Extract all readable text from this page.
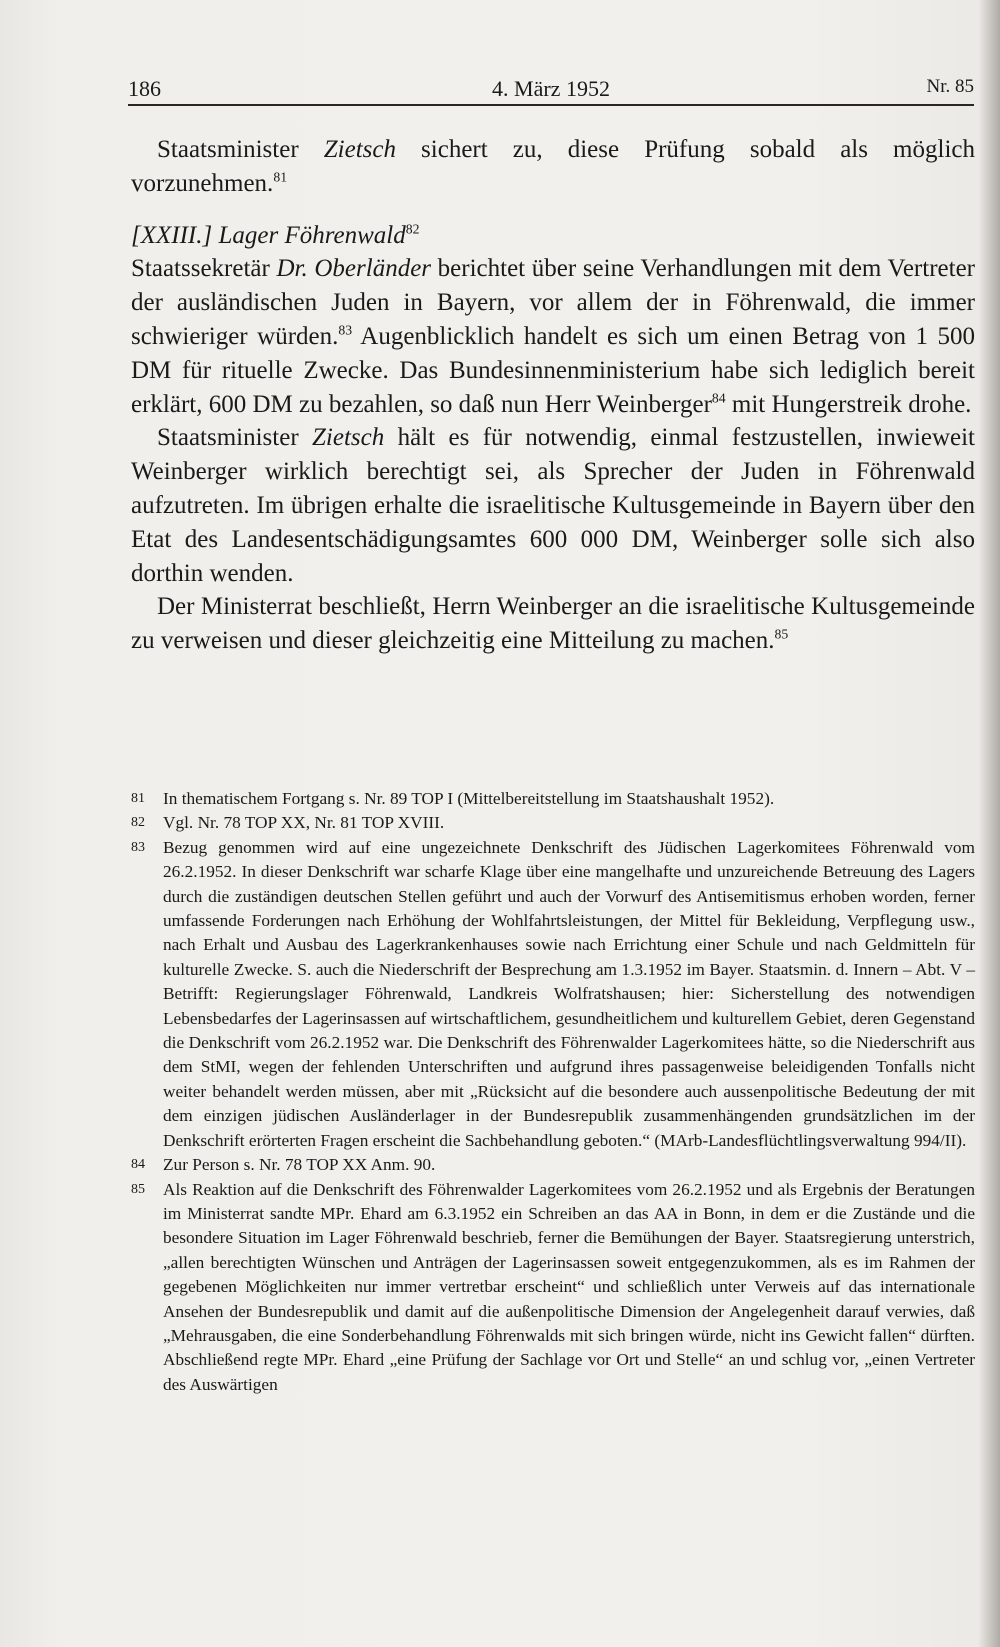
186	4. März 1952	Nr. 85

Staatsminister Zietsch sichert zu, diese Prüfung sobald als möglich vorzunehmen.$^{81}$

[XXIII.] Lager Föhrenwald$^{82}$

Staatssekretär Dr. Oberländer berichtet über seine Verhandlungen mit dem Vertreter der ausländischen Juden in Bayern, vor allem der in Föhrenwald, die immer schwieriger würden.$^{83}$ Augenblicklich handelt es sich um einen Betrag von 1 500 DM für rituelle Zwecke. Das Bundesinnenministerium habe sich lediglich bereit erklärt, 600 DM zu bezahlen, so daß nun Herr Weinberger$^{84}$ mit Hungerstreik drohe.

Staatsminister Zietsch hält es für notwendig, einmal festzustellen, inwieweit Weinberger wirklich berechtigt sei, als Sprecher der Juden in Föhrenwald aufzutreten. Im übrigen erhalte die israelitische Kultusgemeinde in Bayern über den Etat des Landesentschädigungsamtes 600 000 DM, Weinberger solle sich also dorthin wenden.

Der Ministerrat beschließt, Herrn Weinberger an die israelitische Kultusgemeinde zu verweisen und dieser gleichzeitig eine Mitteilung zu machen.$^{85}$

81 In thematischem Fortgang s. Nr. 89 TOP I (Mittelbereitstellung im Staatshaushalt 1952).
82 Vgl. Nr. 78 TOP XX, Nr. 81 TOP XVIII.
83 Bezug genommen wird auf eine ungezeichnete Denkschrift des Jüdischen Lagerkomitees Föhrenwald vom 26.2.1952. In dieser Denkschrift war scharfe Klage über eine mangelhafte und unzureichende Betreuung des Lagers durch die zuständigen deutschen Stellen geführt und auch der Vorwurf des Antisemitismus erhoben worden, ferner umfassende Forderungen nach Erhöhung der Wohlfahrtsleistungen, der Mittel für Bekleidung, Verpflegung usw., nach Erhalt und Ausbau des Lagerkrankenhauses sowie nach Errichtung einer Schule und nach Geldmitteln für kulturelle Zwecke. S. auch die Niederschrift der Besprechung am 1.3.1952 im Bayer. Staatsmin. d. Innern – Abt. V – Betrifft: Regierungslager Föhrenwald, Landkreis Wolfratshausen; hier: Sicherstellung des notwendigen Lebensbedarfes der Lagerinsassen auf wirtschaftlichem, gesundheitlichem und kulturellem Gebiet, deren Gegenstand die Denkschrift vom 26.2.1952 war. Die Denkschrift des Föhrenwalder Lagerkomitees hätte, so die Niederschrift aus dem StMI, wegen der fehlenden Unterschriften und aufgrund ihres passagenweise beleidigenden Tonfalls nicht weiter behandelt werden müssen, aber mit „Rücksicht auf die besondere auch aussenpolitische Bedeutung der mit dem einzigen jüdischen Ausländerlager in der Bundesrepublik zusammenhängenden grundsätzlichen im der Denkschrift erörterten Fragen erscheint die Sachbehandlung geboten.“ (MArb-Landesflüchtlingsverwaltung 994/II).
84 Zur Person s. Nr. 78 TOP XX Anm. 90.
85 Als Reaktion auf die Denkschrift des Föhrenwalder Lagerkomitees vom 26.2.1952 und als Ergebnis der Beratungen im Ministerrat sandte MPr. Ehard am 6.3.1952 ein Schreiben an das AA in Bonn, in dem er die Zustände und die besondere Situation im Lager Föhrenwald beschrieb, ferner die Bemühungen der Bayer. Staatsregierung unterstrich, „allen berechtigten Wünschen und Anträgen der Lagerinsassen soweit entgegenzukommen, als es im Rahmen der gegebenen Möglichkeiten nur immer vertretbar erscheint“ und schließlich unter Verweis auf das internationale Ansehen der Bundesrepublik und damit auf die außenpolitische Dimension der Angelegenheit darauf verwies, daß „Mehrausgaben, die eine Sonderbehandlung Föhrenwalds mit sich bringen würde, nicht ins Gewicht fallen“ dürften. Abschließend regte MPr. Ehard „eine Prüfung der Sachlage vor Ort und Stelle“ an und schlug vor, „einen Vertreter des Auswärtigen
